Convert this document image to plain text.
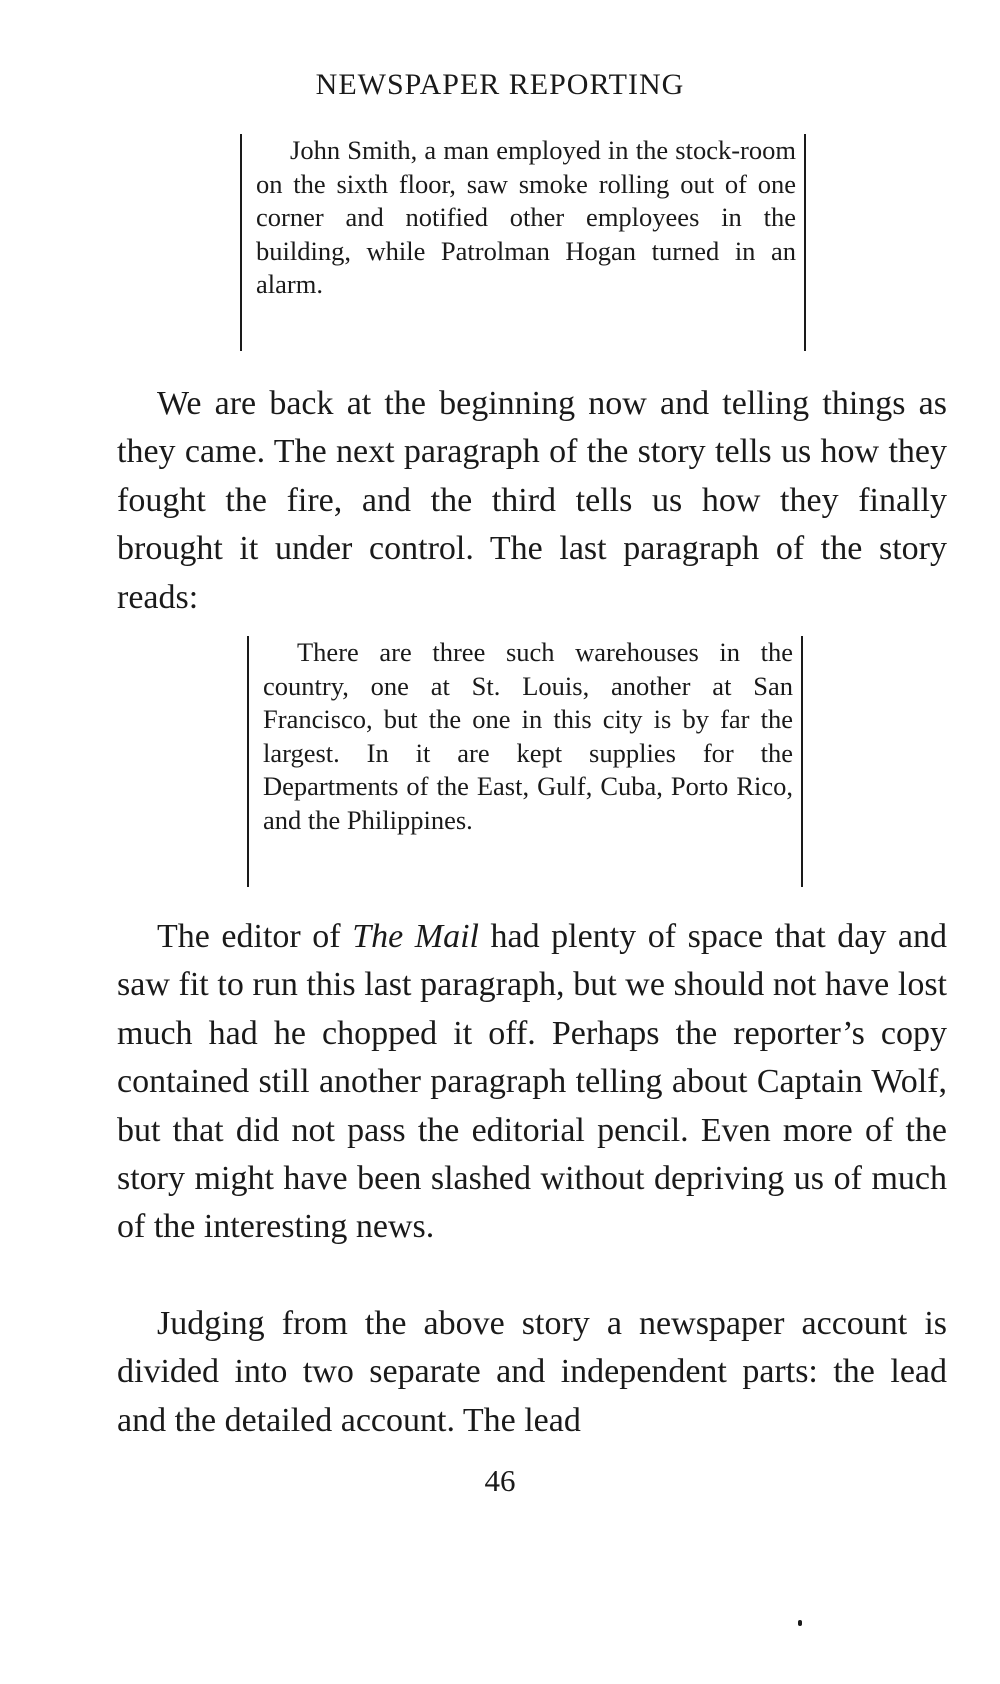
NEWSPAPER REPORTING
John Smith, a man employed in the stock-room on the sixth floor, saw smoke rolling out of one corner and notified other employees in the building, while Patrolman Hogan turned in an alarm.

We are back at the beginning now and telling things as they came. The next paragraph of the story tells us how they fought the fire, and the third tells us how they finally brought it under control. The last paragraph of the story reads:

There are three such warehouses in the country, one at St. Louis, another at San Francisco, but the one in this city is by far the largest. In it are kept supplies for the Departments of the East, Gulf, Cuba, Porto Rico, and the Philippines.

The editor of The Mail had plenty of space that day and saw fit to run this last paragraph, but we should not have lost much had he chopped it off. Perhaps the reporter’s copy contained still another paragraph telling about Captain Wolf, but that did not pass the editorial pencil. Even more of the story might have been slashed without depriving us of much of the interesting news.

Judging from the above story a newspaper account is divided into two separate and independent parts: the lead and the detailed account. The lead

46
